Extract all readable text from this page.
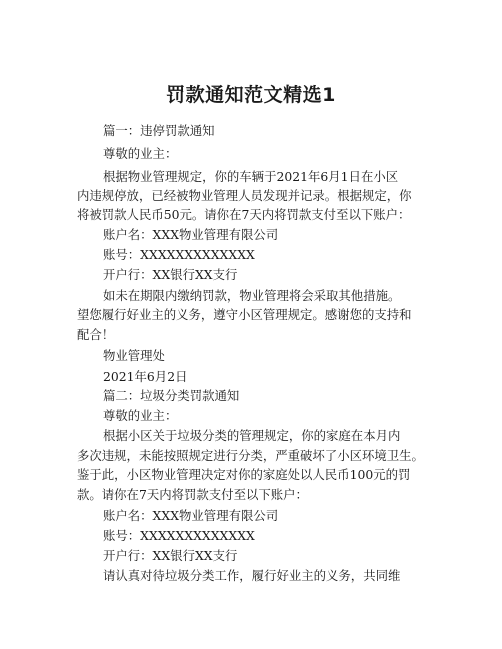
罚款通知范文精选1
篇一：违停罚款通知
尊敬的业主：
根据物业管理规定，你的车辆于2021年6月1日在小区
内违规停放，已经被物业管理人员发现并记录。根据规定，你
将被罚款人民币50元。请你在7天内将罚款支付至以下账户：
账户名：XXX物业管理有限公司
账号：XXXXXXXXXXXXX
开户行：XX银行XX支行
如未在期限内缴纳罚款，物业管理将会采取其他措施。
望您履行好业主的义务，遵守小区管理规定。感谢您的支持和
配合！
物业管理处
2021年6月2日
篇二：垃圾分类罚款通知
尊敬的业主：
根据小区关于垃圾分类的管理规定，你的家庭在本月内
多次违规，未能按照规定进行分类，严重破坏了小区环境卫生。
鉴于此，小区物业管理决定对你的家庭处以人民币100元的罚
款。请你在7天内将罚款支付至以下账户：
账户名：XXX物业管理有限公司
账号：XXXXXXXXXXXXX
开户行：XX银行XX支行
请认真对待垃圾分类工作，履行好业主的义务，共同维
